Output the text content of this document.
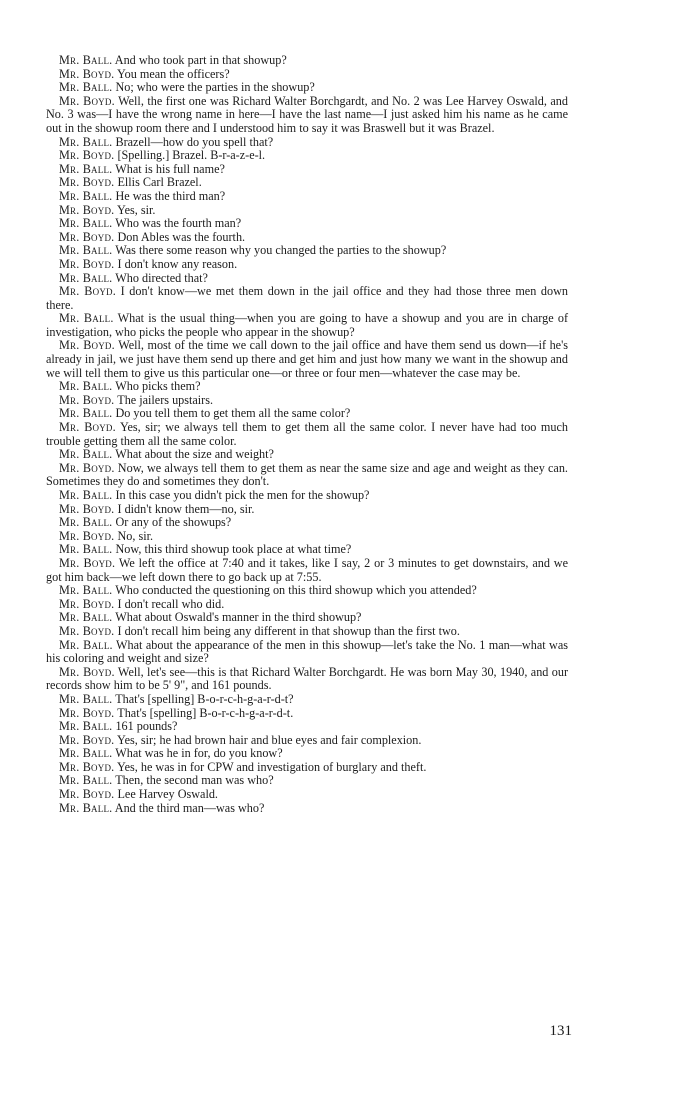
Mr. Ball. And who took part in that showup?

Mr. Boyd. You mean the officers?

Mr. Ball. No; who were the parties in the showup?

Mr. Boyd. Well, the first one was Richard Walter Borchgardt, and No. 2 was Lee Harvey Oswald, and No. 3 was—I have the wrong name in here—I have the last name—I just asked him his name as he came out in the showup room there and I understood him to say it was Braswell but it was Brazel.

Mr. Ball. Brazell—how do you spell that?

Mr. Boyd. [Spelling.] Brazel. B-r-a-z-e-l.

Mr. Ball. What is his full name?

Mr. Boyd. Ellis Carl Brazel.

Mr. Ball. He was the third man?

Mr. Boyd. Yes, sir.

Mr. Ball. Who was the fourth man?

Mr. Boyd. Don Ables was the fourth.

Mr. Ball. Was there some reason why you changed the parties to the showup?

Mr. Boyd. I don't know any reason.

Mr. Ball. Who directed that?

Mr. Boyd. I don't know—we met them down in the jail office and they had those three men down there.

Mr. Ball. What is the usual thing—when you are going to have a showup and you are in charge of investigation, who picks the people who appear in the showup?

Mr. Boyd. Well, most of the time we call down to the jail office and have them send us down—if he's already in jail, we just have them send up there and get him and just how many we want in the showup and we will tell them to give us this particular one—or three or four men—whatever the case may be.

Mr. Ball. Who picks them?

Mr. Boyd. The jailers upstairs.

Mr. Ball. Do you tell them to get them all the same color?

Mr. Boyd. Yes, sir; we always tell them to get them all the same color. I never have had too much trouble getting them all the same color.

Mr. Ball. What about the size and weight?

Mr. Boyd. Now, we always tell them to get them as near the same size and age and weight as they can. Sometimes they do and sometimes they don't.

Mr. Ball. In this case you didn't pick the men for the showup?

Mr. Boyd. I didn't know them—no, sir.

Mr. Ball. Or any of the showups?

Mr. Boyd. No, sir.

Mr. Ball. Now, this third showup took place at what time?

Mr. Boyd. We left the office at 7:40 and it takes, like I say, 2 or 3 minutes to get downstairs, and we got him back—we left down there to go back up at 7:55.

Mr. Ball. Who conducted the questioning on this third showup which you attended?

Mr. Boyd. I don't recall who did.

Mr. Ball. What about Oswald's manner in the third showup?

Mr. Boyd. I don't recall him being any different in that showup than the first two.

Mr. Ball. What about the appearance of the men in this showup—let's take the No. 1 man—what was his coloring and weight and size?

Mr. Boyd. Well, let's see—this is that Richard Walter Borchgardt. He was born May 30, 1940, and our records show him to be 5' 9", and 161 pounds.

Mr. Ball. That's [spelling] B-o-r-c-h-g-a-r-d-t?

Mr. Boyd. That's [spelling] B-o-r-c-h-g-a-r-d-t.

Mr. Ball. 161 pounds?

Mr. Boyd. Yes, sir; he had brown hair and blue eyes and fair complexion.

Mr. Ball. What was he in for, do you know?

Mr. Boyd. Yes, he was in for CPW and investigation of burglary and theft.

Mr. Ball. Then, the second man was who?

Mr. Boyd. Lee Harvey Oswald.

Mr. Ball. And the third man—was who?

131
